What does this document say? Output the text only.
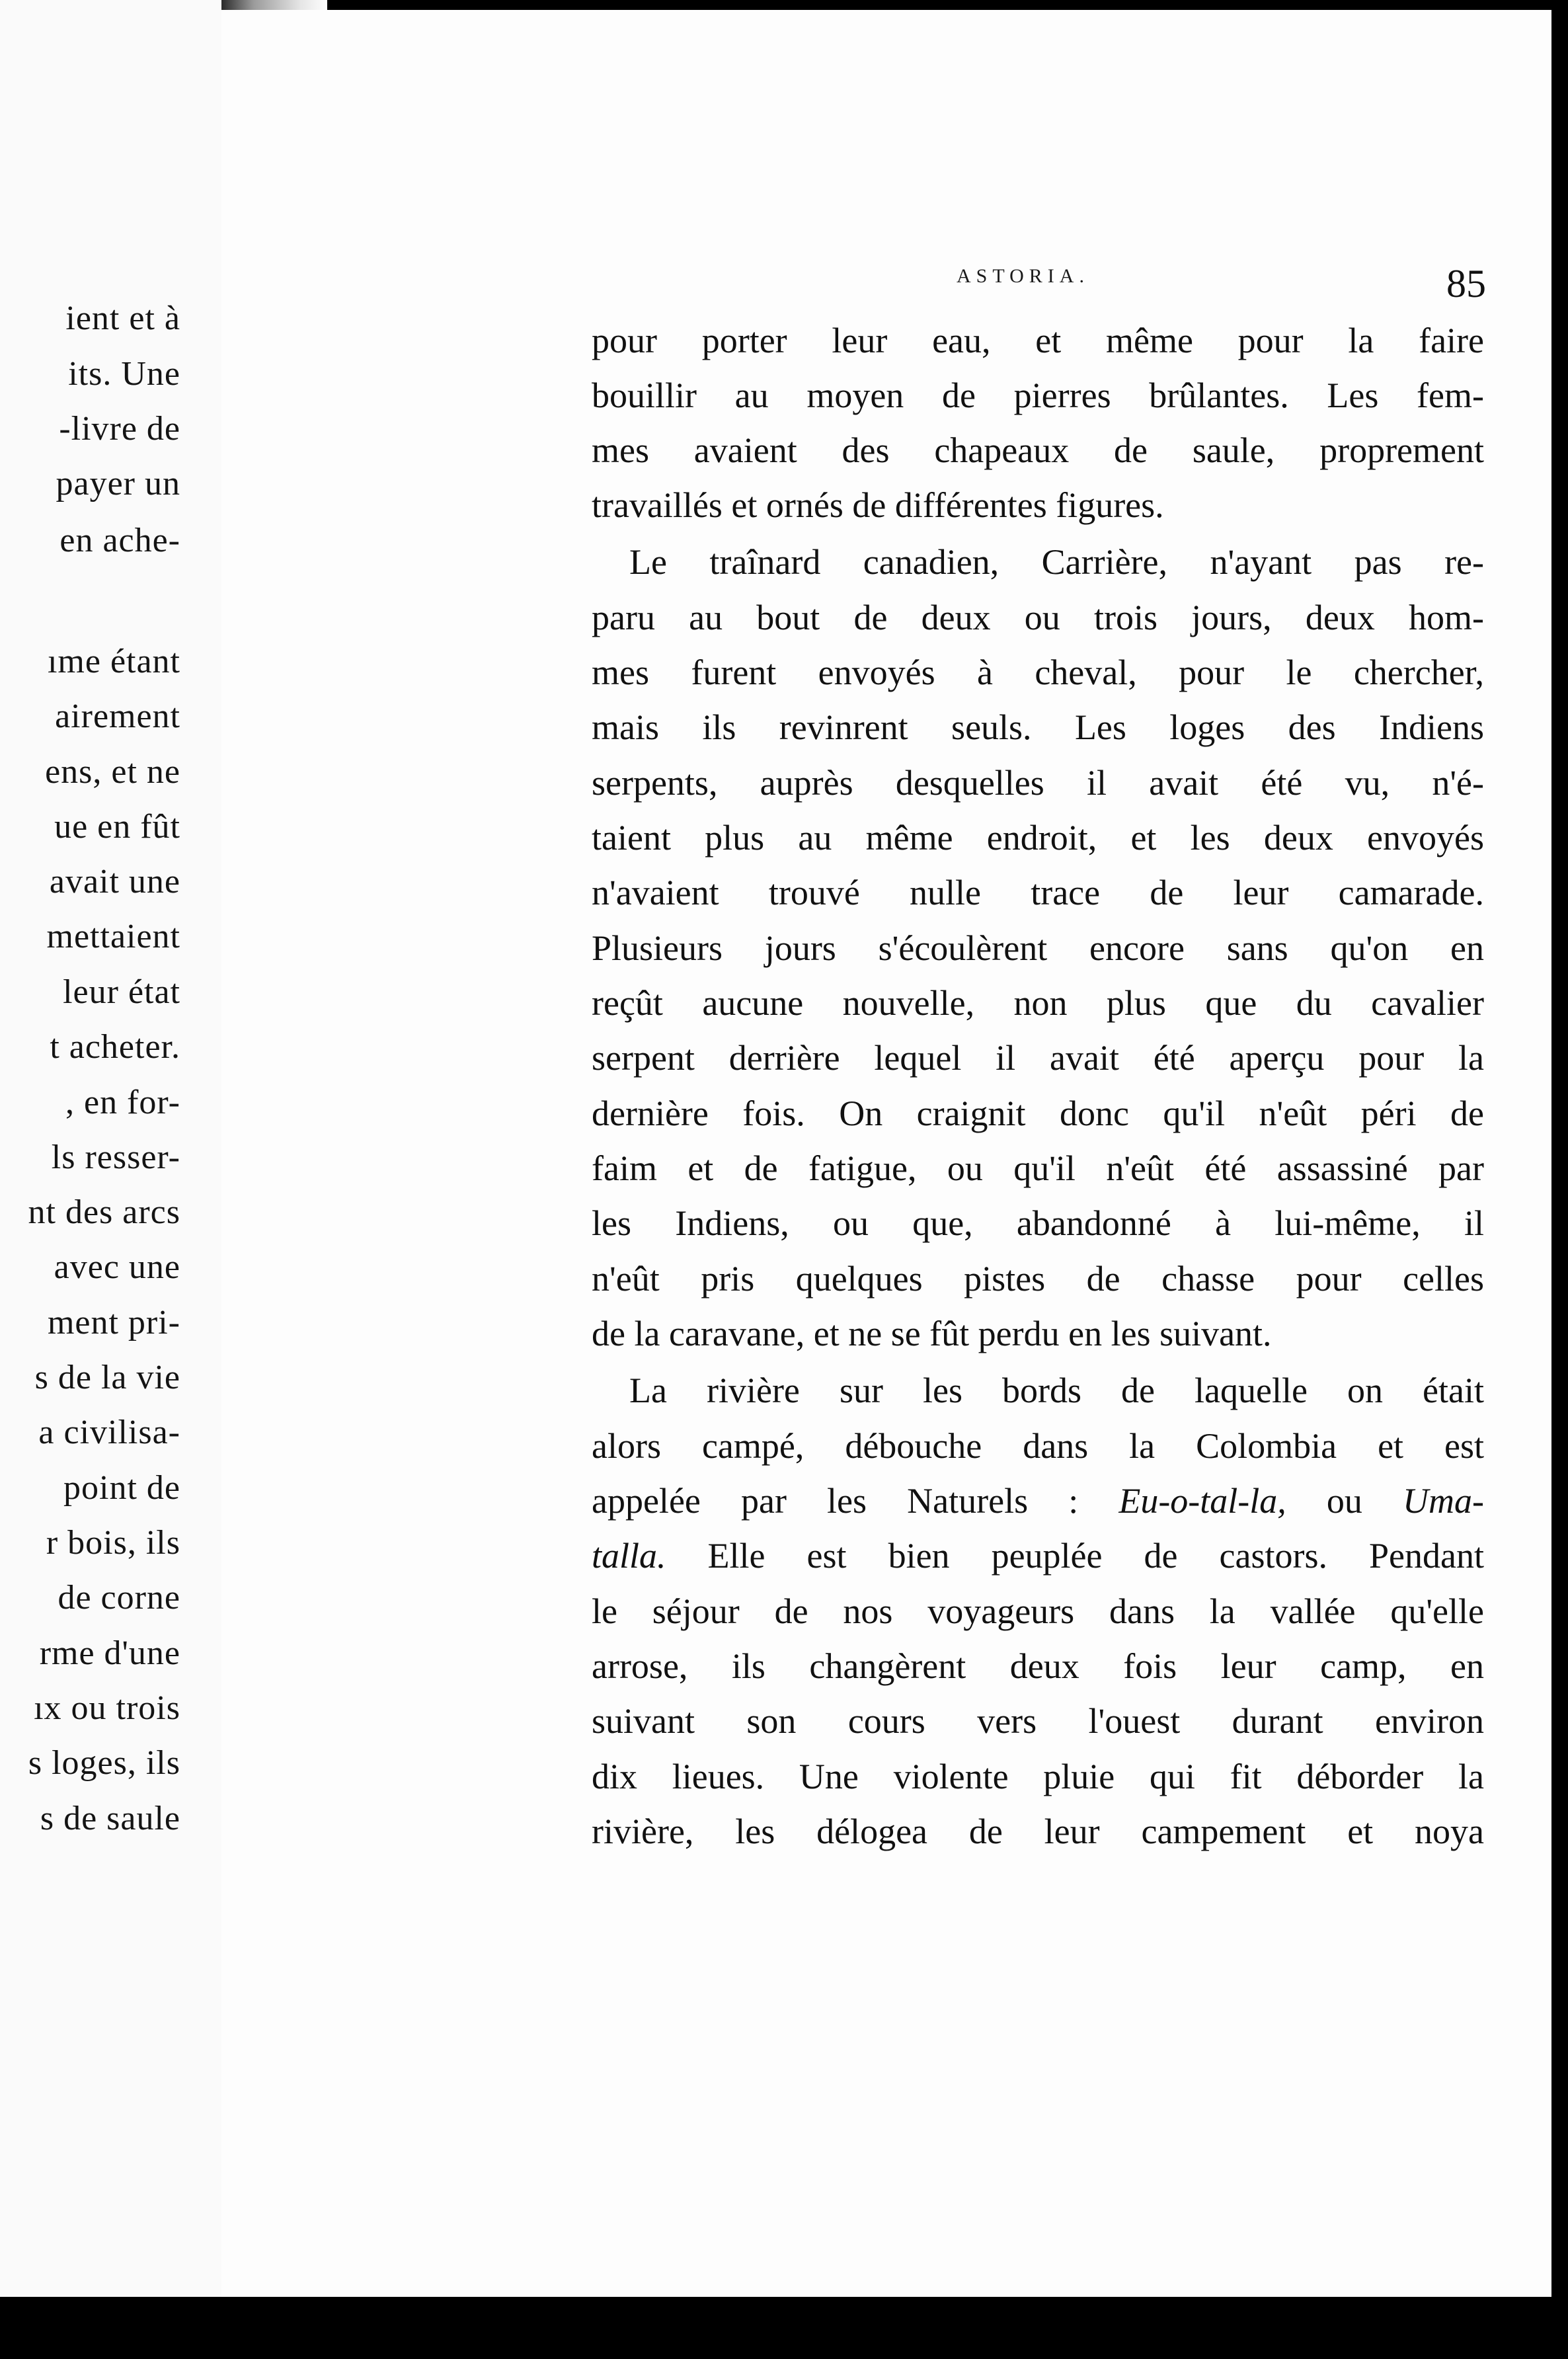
ient et à
its. Une
-livre de
payer un
en ache-
ıme étant
airement
ens, et ne
ue en fût
avait une
mettaient
leur état
t acheter.
, en for-
ls resser-
nt des arcs
avec une
ment pri-
s de la vie
a civilisa-
point de
r bois, ils
de corne
rme d'une
ıx ou trois
s loges, ils
s de saule
ASTORIA.	85
pour porter leur eau, et même pour la faire
bouillir au moyen de pierres brûlantes. Les fem-
mes avaient des chapeaux de saule, proprement
travaillés et ornés de différentes figures.
Le traînard canadien, Carrière, n'ayant pas re-
paru au bout de deux ou trois jours, deux hom-
mes furent envoyés à cheval, pour le chercher,
mais ils revinrent seuls. Les loges des Indiens
serpents, auprès desquelles il avait été vu, n'é-
taient plus au même endroit, et les deux envoyés
n'avaient trouvé nulle trace de leur camarade.
Plusieurs jours s'écoulèrent encore sans qu'on en
reçût aucune nouvelle, non plus que du cavalier
serpent derrière lequel il avait été aperçu pour la
dernière fois. On craignit donc qu'il n'eût péri de
faim et de fatigue, ou qu'il n'eût été assassiné par
les Indiens, ou que, abandonné à lui-même, il
n'eût pris quelques pistes de chasse pour celles
de la caravane, et ne se fût perdu en les suivant.
La rivière sur les bords de laquelle on était
alors campé, débouche dans la Colombia et est
appelée par les Naturels : Eu-o-tal-la, ou Uma-
talla. Elle est bien peuplée de castors. Pendant
le séjour de nos voyageurs dans la vallée qu'elle
arrose, ils changèrent deux fois leur camp, en
suivant son cours vers l'ouest durant environ
dix lieues. Une violente pluie qui fit déborder la
rivière, les délogea de leur campement et noya
